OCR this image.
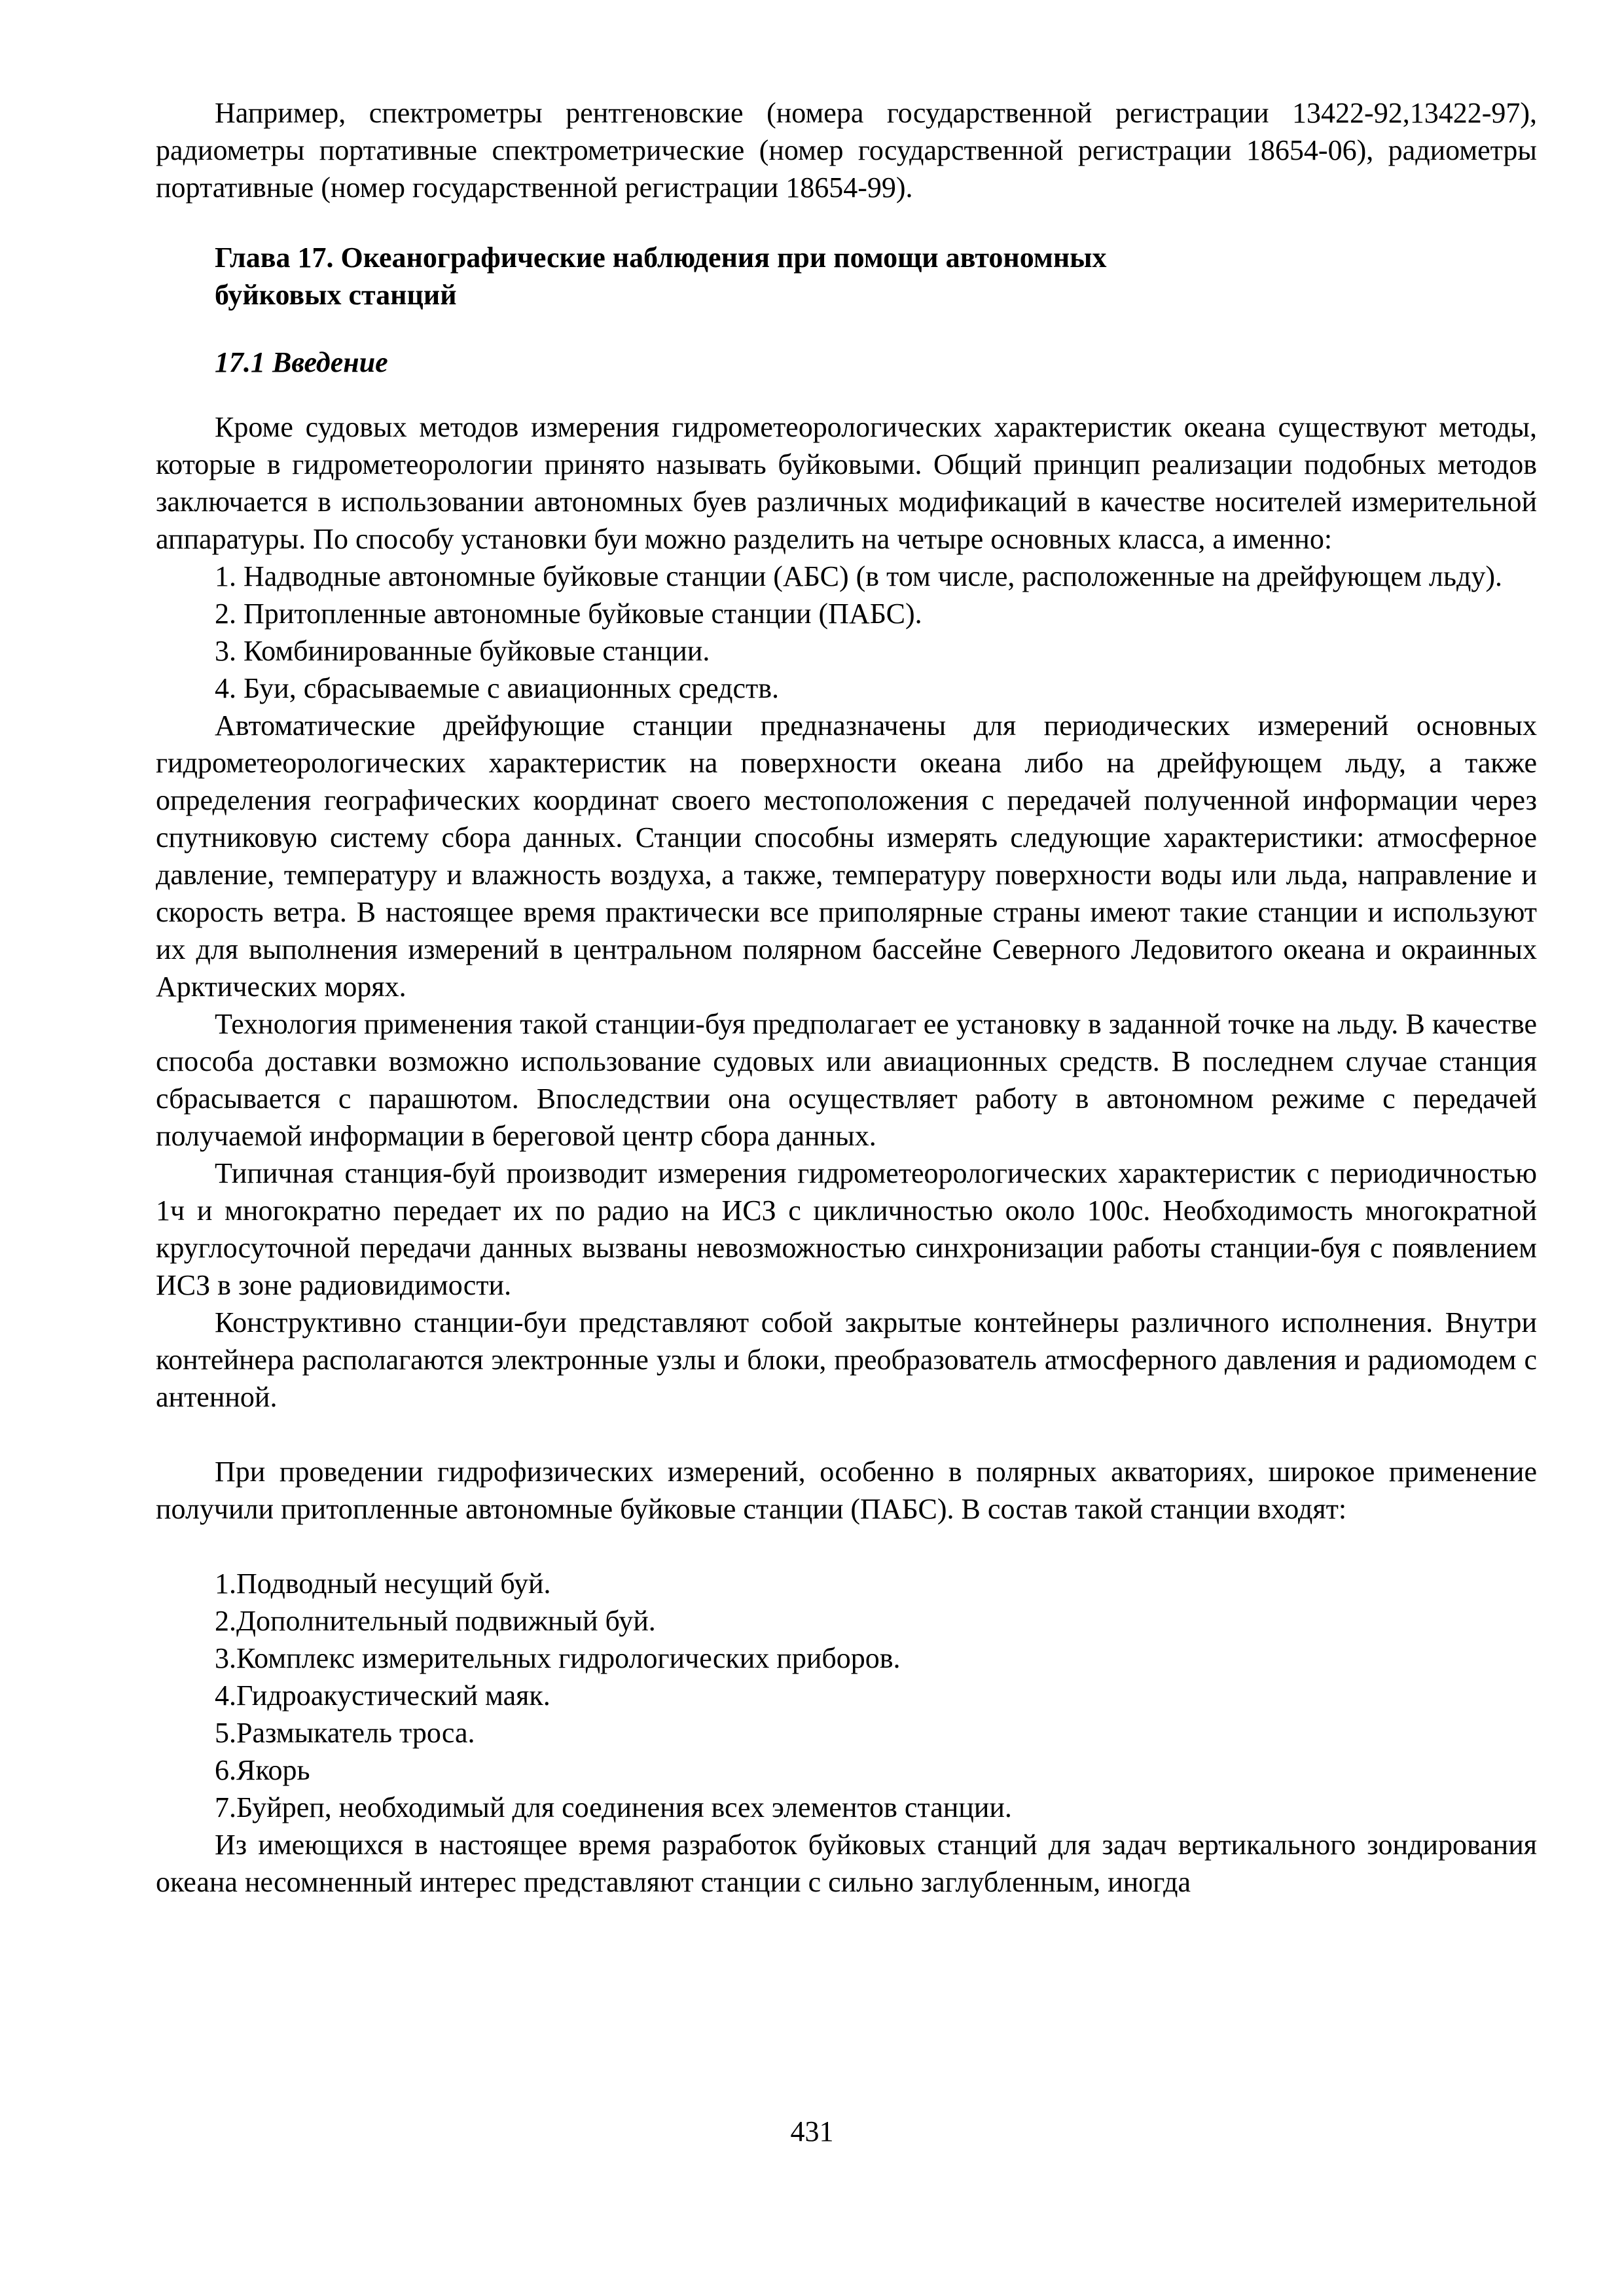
Например, спектрометры рентгеновские (номера государственной регистрации 13422-92,13422-97), радиометры портативные спектрометрические (номер государственной регистрации 18654-06), радиометры портативные (номер государственной регистрации 18654-99).

Глава 17. Океанографические наблюдения при помощи автономных
буйковых станций

17.1 Введение

Кроме судовых методов измерения гидрометеорологических характеристик океана существуют методы, которые в гидрометеорологии принято называть буйковыми. Общий принцип реализации подобных методов заключается в использовании автономных буев различных модификаций в качестве носителей измерительной аппаратуры. По способу установки буи можно разделить на четыре основных класса, а именно:

1. Надводные автономные буйковые станции (АБС) (в том числе, расположенные на дрейфующем льду).

2. Притопленные автономные буйковые станции (ПАБС).

3. Комбинированные буйковые станции.

4. Буи, сбрасываемые с авиационных средств.

Автоматические дрейфующие станции предназначены для периодических измерений основных гидрометеорологических характеристик на поверхности океана либо на дрейфующем льду, а также определения географических координат своего местоположения с передачей полученной информации через спутниковую систему сбора данных. Станции способны измерять следующие характеристики: атмосферное давление, температуру и влажность воздуха, а также, температуру поверхности воды или льда, направление и скорость ветра. В настоящее время практически все приполярные страны имеют такие станции и используют их для выполнения измерений в центральном полярном бассейне Северного Ледовитого океана и окраинных Арктических морях.

Технология применения такой станции-буя предполагает ее установку в заданной точке на льду. В качестве способа доставки возможно использование судовых или авиационных средств. В последнем случае станция сбрасывается с парашютом. Впоследствии она осуществляет работу в автономном режиме с передачей получаемой информации в береговой центр сбора данных.

Типичная станция-буй производит измерения гидрометеорологических характеристик с периодичностью 1ч и многократно передает их по радио на ИСЗ с цикличностью около 100с. Необходимость многократной круглосуточной передачи данных вызваны невозможностью синхронизации работы станции-буя с появлением ИСЗ в зоне радиовидимости.

Конструктивно станции-буи представляют собой закрытые контейнеры различного исполнения. Внутри контейнера располагаются электронные узлы и блоки, преобразователь атмосферного давления и радиомодем с антенной.

При проведении гидрофизических измерений, особенно в полярных акваториях, широкое применение получили притопленные автономные буйковые станции (ПАБС). В состав такой станции входят:

1.Подводный несущий буй.

2.Дополнительный подвижный буй.

3.Комплекс измерительных гидрологических приборов.

4.Гидроакустический маяк.

5.Размыкатель троса.

6.Якорь

7.Буйреп, необходимый для соединения всех элементов станции.

Из имеющихся в настоящее время разработок буйковых станций для задач вертикального зондирования океана несомненный интерес представляют станции с сильно заглубленным, иногда

431
